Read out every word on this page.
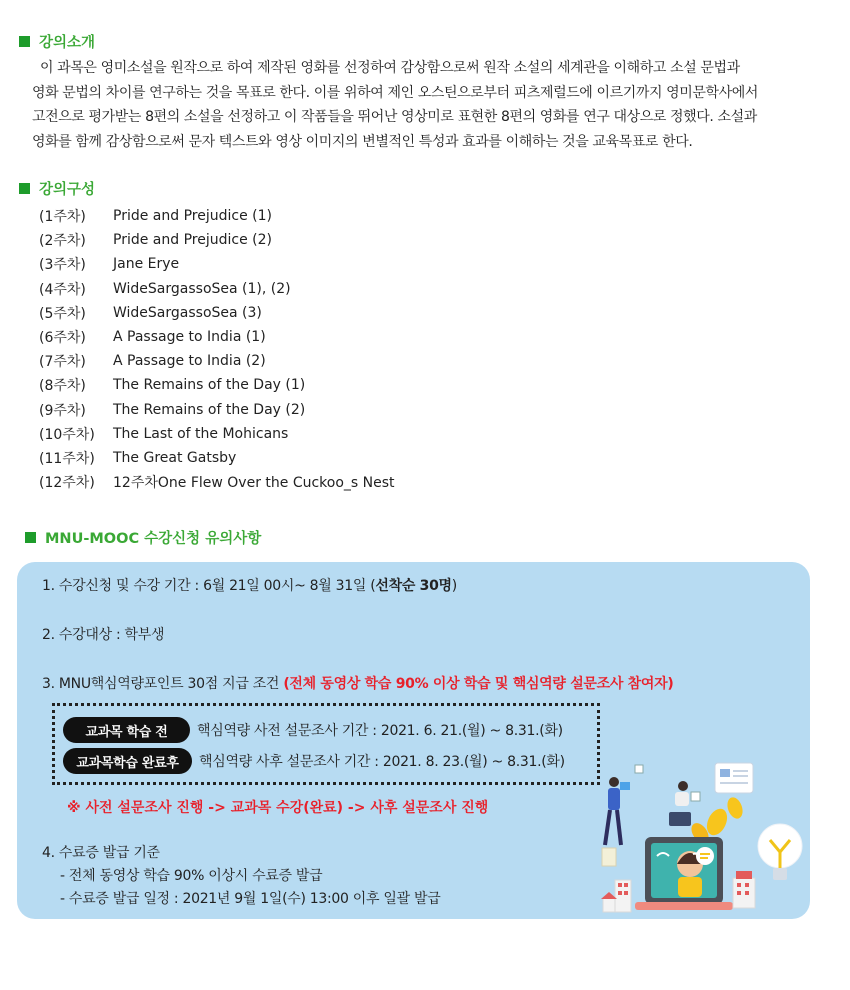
강의소개
이 과목은 영미소설을 원작으로 하여 제작된 영화를 선정하여 감상함으로써 원작 소설의 세계관을 이해하고 소설 문법과
영화 문법의 차이를 연구하는 것을 목표로 한다. 이를 위하여 제인 오스틴으로부터 피츠제럴드에 이르기까지 영미문학사에서
고전으로 평가받는 8편의 소설을 선정하고 이 작품들을 뛰어난 영상미로 표현한 8편의 영화를 연구 대상으로 정했다. 소설과
영화를 함께 감상함으로써 문자 텍스트와 영상 이미지의 변별적인 특성과 효과를 이해하는 것을 교육목표로 한다.
강의구성
(1주차)	Pride and Prejudice (1)
(2주차)	Pride and Prejudice (2)
(3주차)	Jane Erye
(4주차)	WideSargassoSea (1), (2)
(5주차)	WideSargassoSea (3)
(6주차)	A Passage to India (1)
(7주차)	A Passage to India (2)
(8주차)	The Remains of the Day (1)
(9주차)	The Remains of the Day (2)
(10주차)	The Last of the Mohicans
(11주차)	The Great Gatsby
(12주차)	12주차One Flew Over the Cuckoo_s Nest
MNU-MOOC 수강신청 유의사항
1. 수강신청 및 수강 기간 : 6월 21일 00시~ 8월 31일 (선착순 30명)
2. 수강대상 : 학부생
3. MNU핵심역량포인트 30점 지급 조건 (전체 동영상 학습 90% 이상 학습 및 핵심역량 설문조사 참여자)
교과목 학습 전	핵심역량 사전 설문조사 기간 : 2021. 6. 21.(월) ~ 8.31.(화)
교과목학습 완료후	핵심역량 사후 설문조사 기간 : 2021. 8. 23.(월) ~ 8.31.(화)
※ 사전 설문조사 진행 -> 교과목 수강(완료) -> 사후 설문조사 진행
4. 수료증 발급 기준
- 전체 동영상 학습 90% 이상시 수료증 발급
- 수료증 발급 일정 : 2021년 9월 1일(수) 13:00 이후 일괄 발급
